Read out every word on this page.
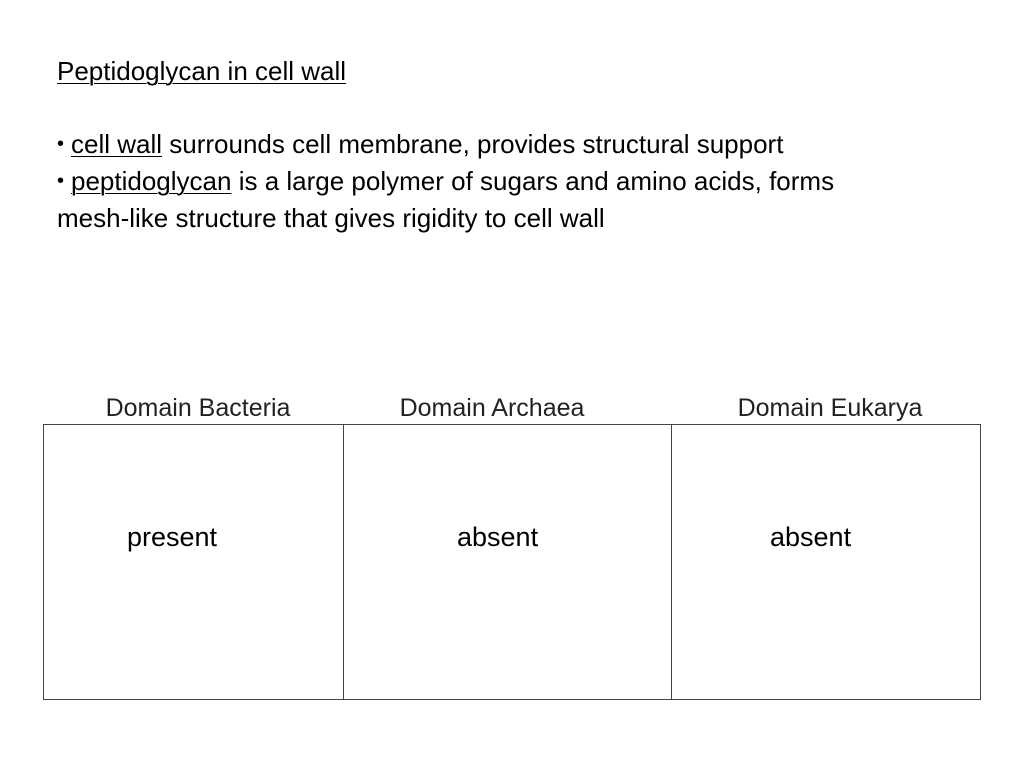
Peptidoglycan in cell wall
• cell wall surrounds cell membrane, provides structural support
• peptidoglycan is a large polymer of sugars and amino acids, forms
mesh-like structure that gives rigidity to cell wall
Domain Bacteria	Domain Archaea	Domain Eukarya
present	absent	absent
